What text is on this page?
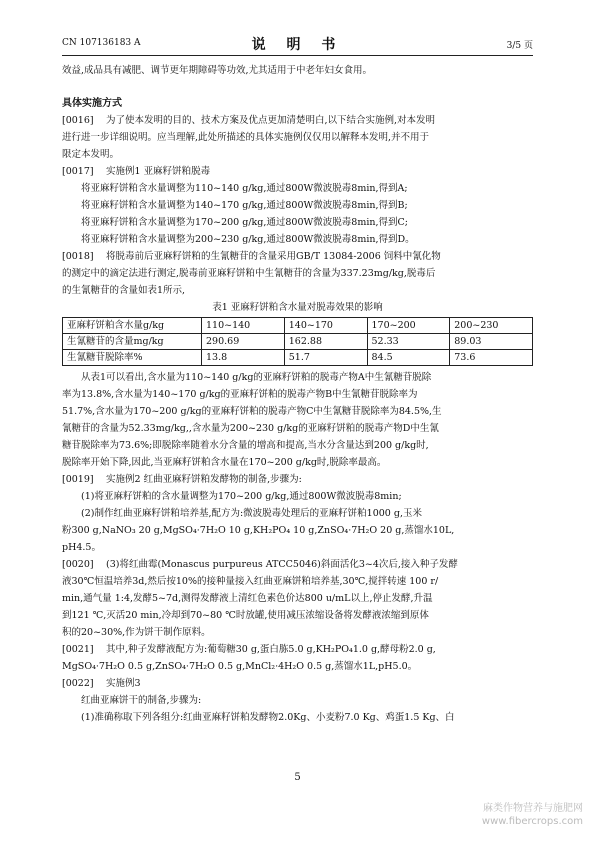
CN 107136183 A	说 明 书	3/5 页

效益,成品具有减肥、调节更年期障碍等功效,尤其适用于中老年妇女食用。

具体实施方式

[0016] 为了使本发明的目的、技术方案及优点更加清楚明白,以下结合实施例,对本发明

进行进一步详细说明。应当理解,此处所描述的具体实施例仅仅用以解释本发明,并不用于

限定本发明。

[0017] 实施例1 亚麻籽饼粕脱毒

将亚麻籽饼粕含水量调整为110~140 g/kg,通过800W微波脱毒8min,得到A;

将亚麻籽饼粕含水量调整为140~170 g/kg,通过800W微波脱毒8min,得到B;

将亚麻籽饼粕含水量调整为170~200 g/kg,通过800W微波脱毒8min,得到C;

将亚麻籽饼粕含水量调整为200~230 g/kg,通过800W微波脱毒8min,得到D。

[0018] 将脱毒前后亚麻籽饼粕的生氰糖苷的含量采用GB/T 13084-2006 饲料中氰化物

的测定中的滴定法进行测定,脱毒前亚麻籽饼粕中生氰糖苷的含量为337.23mg/kg,脱毒后

的生氰糖苷的含量如表1所示,

表1 亚麻籽饼粕含水量对脱毒效果的影响

亚麻籽饼粕含水量g/kg	110~140	140~170	170~200	200~230
生氰糖苷的含量mg/kg	290.69	162.88	52.33	89.03
生氰糖苷脱除率%	13.8	51.7	84.5	73.6

从表1可以看出,含水量为110~140 g/kg的亚麻籽饼粕的脱毒产物A中生氰糖苷脱除

率为13.8%,含水量为140~170 g/kg的亚麻籽饼粕的脱毒产物B中生氰糖苷脱除率为

51.7%,含水量为170~200 g/kg的亚麻籽饼粕的脱毒产物C中生氰糖苷脱除率为84.5%,生

氰糖苷的含量为52.33mg/kg,,含水量为200~230 g/kg的亚麻籽饼粕的脱毒产物D中生氰

糖苷脱除率为73.6%;即脱除率随着水分含量的增高和提高,当水分含量达到200 g/kg时,

脱除率开始下降,因此,当亚麻籽饼粕含水量在170~200 g/kg时,脱除率最高。

[0019] 实施例2 红曲亚麻籽饼粕发酵物的制备,步骤为:

(1)将亚麻籽饼粕的含水量调整为170~200 g/kg,通过800W微波脱毒8min;

(2)制作红曲亚麻籽饼粕培养基,配方为:微波脱毒处理后的亚麻籽饼粕1000 g,玉米

粉300 g,NaNO₃ 20 g,MgSO₄·7H₂O 10 g,KH₂PO₄ 10 g,ZnSO₄·7H₂O 20 g,蒸馏水10L,

pH4.5。

[0020] (3)将红曲霉(Monascus purpureus ATCC5046)斜面活化3~4次后,接入种子发酵

液30℃恒温培养3d,然后按10%的接种量接入红曲亚麻饼粕培养基,30℃,搅拌转速 100 r/

min,通气量 1:4,发酵5~7d,测得发酵液上清红色素色价达800 u/mL以上,停止发酵,升温

到121 ℃,灭活20 min,冷却到70~80 ℃时放罐,使用减压浓缩设备将发酵液浓缩到原体

积的20~30%,作为饼干制作原料。

[0021] 其中,种子发酵液配方为:葡萄糖30 g,蛋白胨5.0 g,KH₂PO₄1.0 g,酵母粉2.0 g,

MgSO₄·7H₂O 0.5 g,ZnSO₄·7H₂O 0.5 g,MnCl₂·4H₂O 0.5 g,蒸馏水1L,pH5.0。

[0022] 实施例3

红曲亚麻饼干的制备,步骤为:

(1)准确称取下列各组分:红曲亚麻籽饼粕发酵物2.0Kg、小麦粉7.0 Kg、鸡蛋1.5 Kg、白

5
麻类作物营养与施肥网
www.fibercrops.com
